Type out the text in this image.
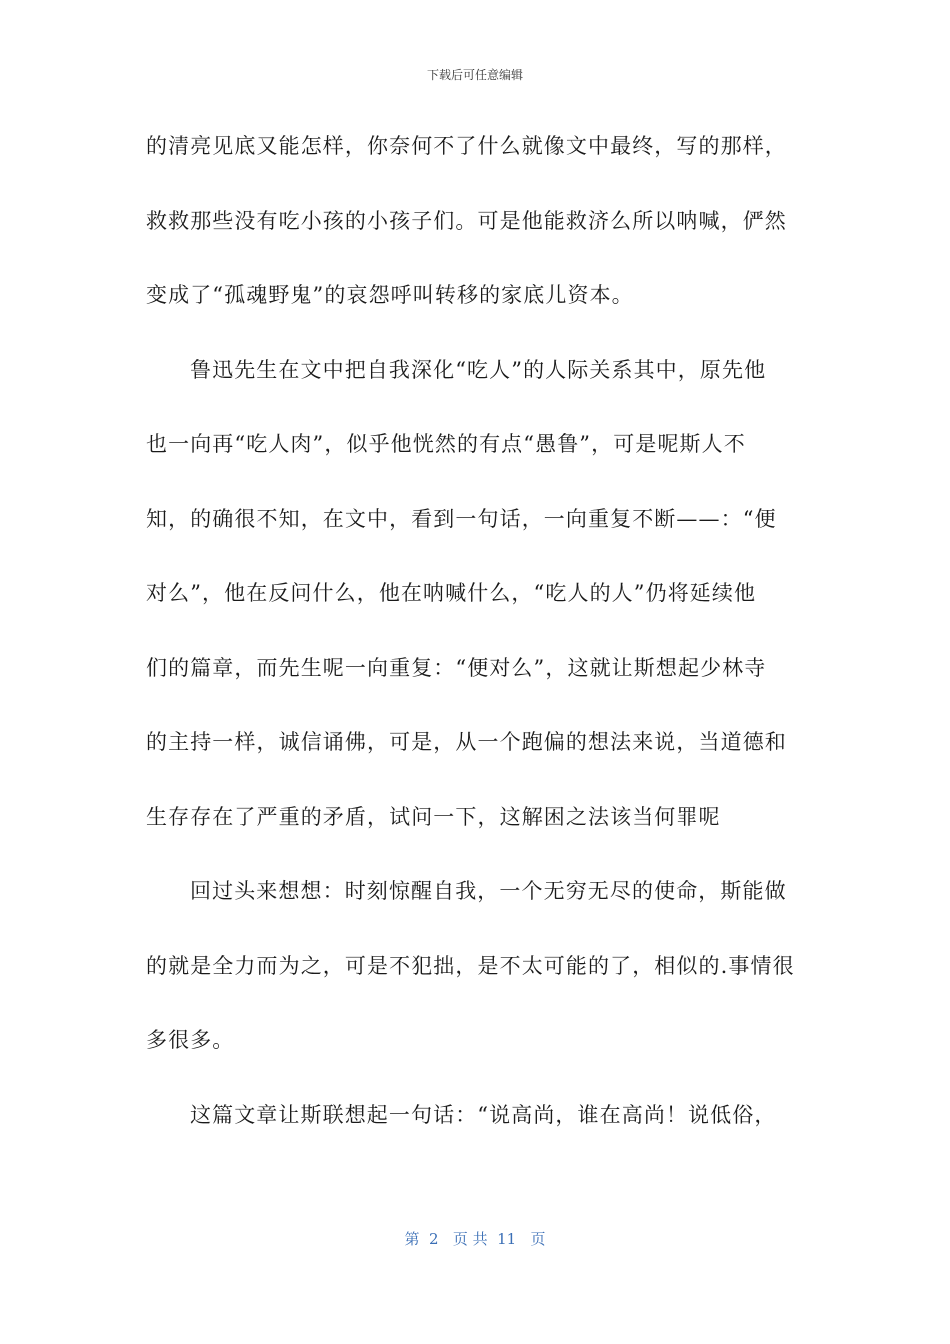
下载后可任意编辑
的清亮见底又能怎样，你奈何不了什么就像文中最终，写的那样，
救救那些没有吃小孩的小孩子们。可是他能救济么所以呐喊，俨然
变成了“孤魂野鬼”的哀怨呼叫转移的家底儿资本。
鲁迅先生在文中把自我深化“吃人”的人际关系其中，原先他
也一向再“吃人肉”，似乎他恍然的有点“愚鲁”，可是呢斯人不
知，的确很不知，在文中，看到一句话，一向重复不断——：“便
对么”，他在反问什么，他在呐喊什么，“吃人的人”仍将延续他
们的篇章，而先生呢一向重复：“便对么”，这就让斯想起少林寺
的主持一样，诚信诵佛，可是，从一个跑偏的想法来说，当道德和
生存存在了严重的矛盾，试问一下，这解困之法该当何罪呢
回过头来想想：时刻惊醒自我，一个无穷无尽的使命，斯能做
的就是全力而为之，可是不犯拙，是不太可能的了，相似的.事情很
多很多。
这篇文章让斯联想起一句话：“说高尚，谁在高尚！说低俗，
第  2   页 共  11   页
